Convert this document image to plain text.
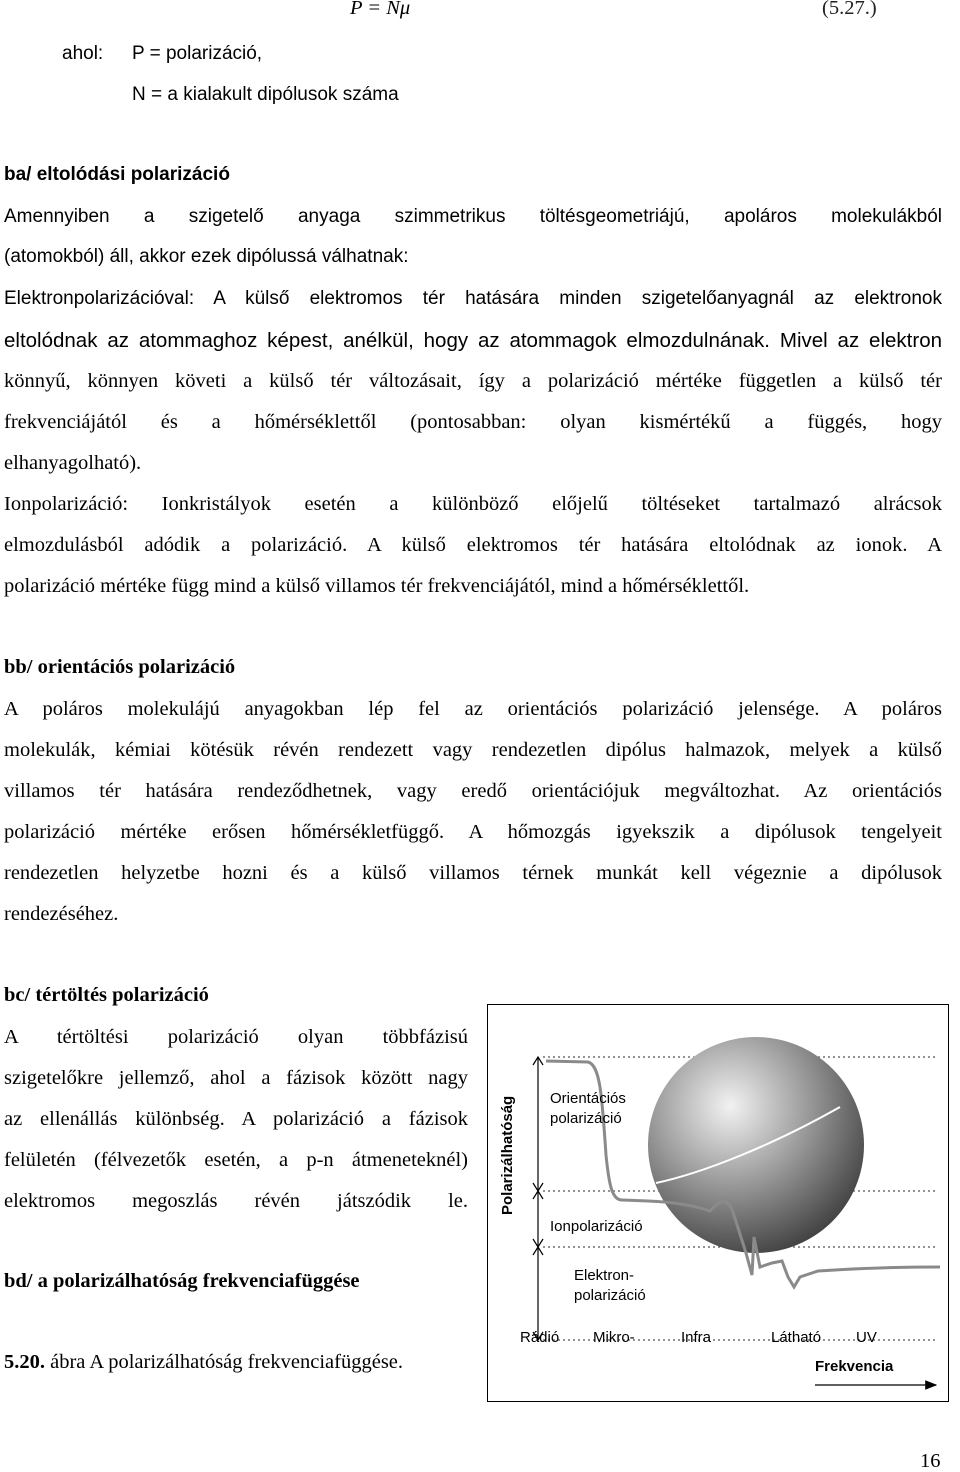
P = Nμ	(5.27.)
ahol: P = polarizáció,
N = a kialakult dipólusok száma
ba/ eltolódási polarizáció
Amennyiben a szigetelő anyaga szimmetrikus töltésgeometriájú, apoláros molekulákból
(atomokból) áll, akkor ezek dipólussá válhatnak:
Elektronpolarizációval: A külső elektromos tér hatására minden szigetelőanyagnál az elektronok
eltolódnak az atommaghoz képest, anélkül, hogy az atommagok elmozdulnának. Mivel az elektron
könnyű, könnyen követi a külső tér változásait, így a polarizáció mértéke független a külső tér
frekvenciájától és a hőmérséklettől (pontosabban: olyan kismértékű a függés, hogy
elhanyagolható).
Ionpolarizáció: Ionkristályok esetén a különböző előjelű töltéseket tartalmazó alrácsok
elmozdulásból adódik a polarizáció. A külső elektromos tér hatására eltolódnak az ionok. A
polarizáció mértéke függ mind a külső villamos tér frekvenciájától, mind a hőmérséklettől.
bb/ orientációs polarizáció
A poláros molekulájú anyagokban lép fel az orientációs polarizáció jelensége. A poláros
molekulák, kémiai kötésük révén rendezett vagy rendezetlen dipólus halmazok, melyek a külső
villamos tér hatására rendeződhetnek, vagy eredő orientációjuk megváltozhat. Az orientációs
polarizáció mértéke erősen hőmérsékletfüggő. A hőmozgás igyekszik a dipólusok tengelyeit
rendezetlen helyzetbe hozni és a külső villamos térnek munkát kell végeznie a dipólusok
rendezéséhez.
bc/ tértöltés polarizáció
A tértöltési polarizáció olyan többfázisú
szigetelőkre jellemző, ahol a fázisok között nagy
az ellenállás különbség. A polarizáció a fázisok
felületén (félvezetők esetén, a p-n átmeneteknél)
elektromos megoszlás révén játszódik le.
bd/ a polarizálhatóság frekvenciafüggése
5.20. ábra A polarizálhatóság frekvenciafüggése.
Polarizálhatóság Orientációs
polarizáció
Ionpolarizáció
Elektron-
polarizáció
Rádió Mikro-	Infra	Látható UV
Frekvencia
16
